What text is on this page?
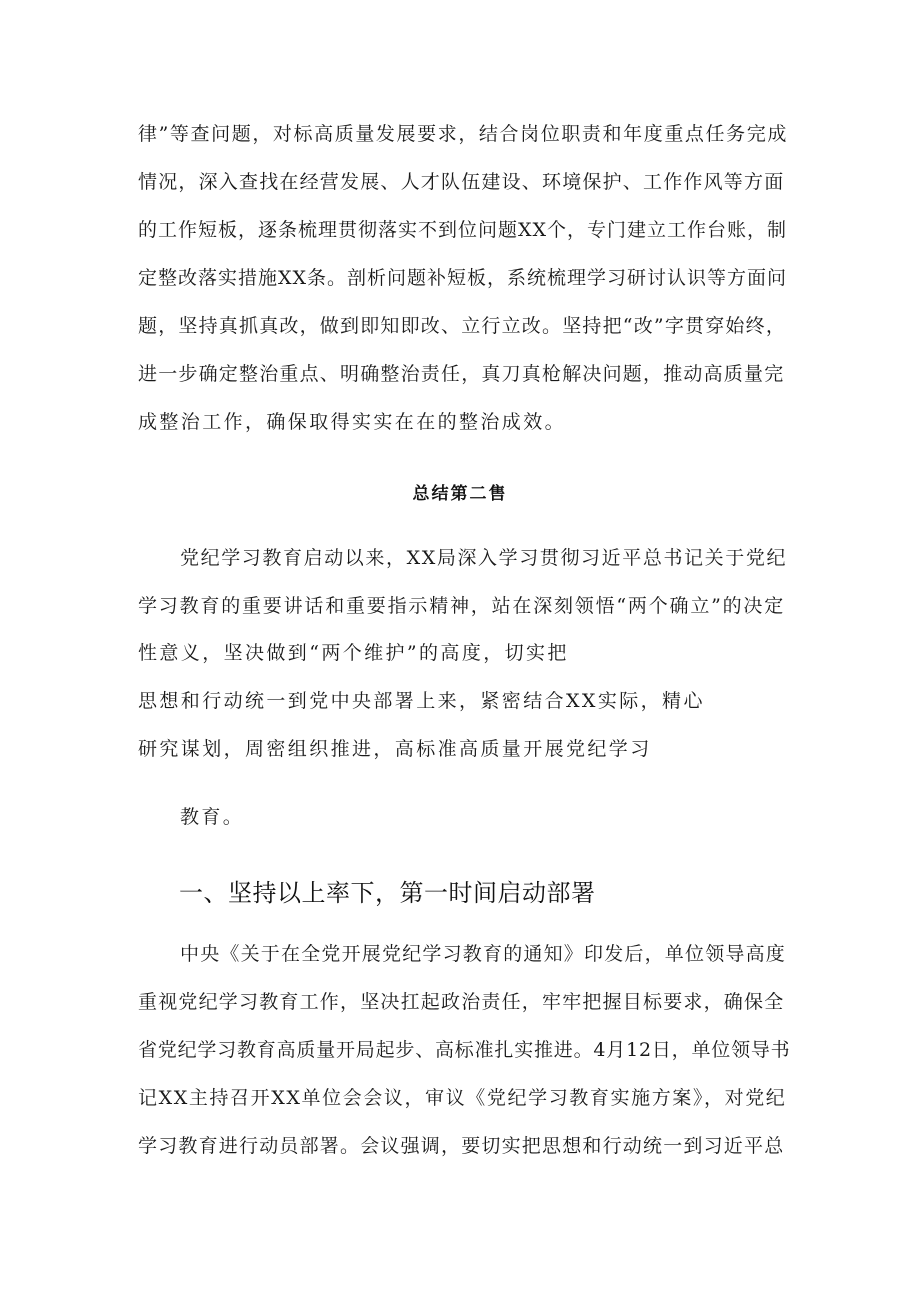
律”等查问题，对标高质量发展要求，结合岗位职责和年度重点任务完成
情况，深入查找在经营发展、人才队伍建设、环境保护、工作作风等方面
的工作短板，逐条梳理贯彻落实不到位问题XX个，专门建立工作台账，制
定整改落实措施XX条。剖析问题补短板，系统梳理学习研讨认识等方面问
题，坚持真抓真改，做到即知即改、立行立改。坚持把“改”字贯穿始终，
进一步确定整治重点、明确整治责任，真刀真枪解决问题，推动高质量完
成整治工作，确保取得实实在在的整治成效。
总结第二售
党纪学习教育启动以来，XX局深入学习贯彻习近平总书记关于党纪
学习教育的重要讲话和重要指示精神，站在深刻领悟“两个确立”的决定
性意义，坚决做到“两个维护”的高度，切实把
思想和行动统一到党中央部署上来，紧密结合XX实际，精心
研究谋划，周密组织推进，高标准高质量开展党纪学习
教育。
一、坚持以上率下，第一时间启动部署
中央《关于在全党开展党纪学习教育的通知》印发后，单位领导高度
重视党纪学习教育工作，坚决扛起政治责任，牢牢把握目标要求，确保全
省党纪学习教育高质量开局起步、高标准扎实推进。4月12日，单位领导书
记XX主持召开XX单位会会议，审议《党纪学习教育实施方案》，对党纪
学习教育进行动员部署。会议强调，要切实把思想和行动统一到习近平总
